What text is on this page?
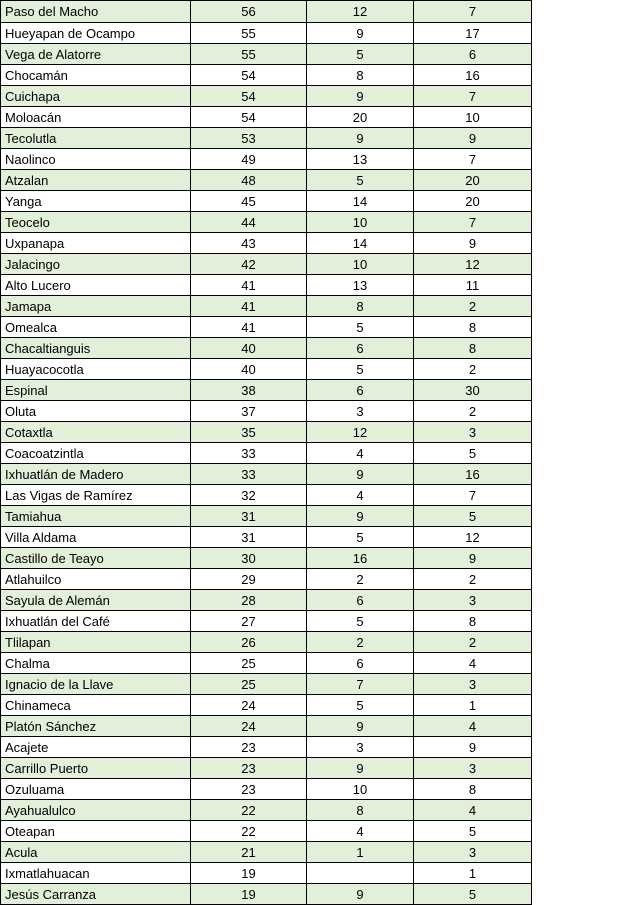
Paso del Macho	56	12	7
Hueyapan de Ocampo	55	9	17
Vega de Alatorre	55	5	6
Chocamán	54	8	16
Cuichapa	54	9	7
Moloacán	54	20	10
Tecolutla	53	9	9
Naolinco	49	13	7
Atzalan	48	5	20
Yanga	45	14	20
Teocelo	44	10	7
Uxpanapa	43	14	9
Jalacingo	42	10	12
Alto Lucero	41	13	11
Jamapa	41	8	2
Omealca	41	5	8
Chacaltianguis	40	6	8
Huayacocotla	40	5	2
Espinal	38	6	30
Oluta	37	3	2
Cotaxtla	35	12	3
Coacoatzintla	33	4	5
Ixhuatlán de Madero	33	9	16
Las Vigas de Ramírez	32	4	7
Tamiahua	31	9	5
Villa Aldama	31	5	12
Castillo de Teayo	30	16	9
Atlahuilco	29	2	2
Sayula de Alemán	28	6	3
Ixhuatlán del Café	27	5	8
Tlilapan	26	2	2
Chalma	25	6	4
Ignacio de la Llave	25	7	3
Chinameca	24	5	1
Platón Sánchez	24	9	4
Acajete	23	3	9
Carrillo Puerto	23	9	3
Ozuluama	23	10	8
Ayahualulco	22	8	4
Oteapan	22	4	5
Acula	21	1	3
Ixmatlahuacan	19		1
Jesús Carranza	19	9	5
